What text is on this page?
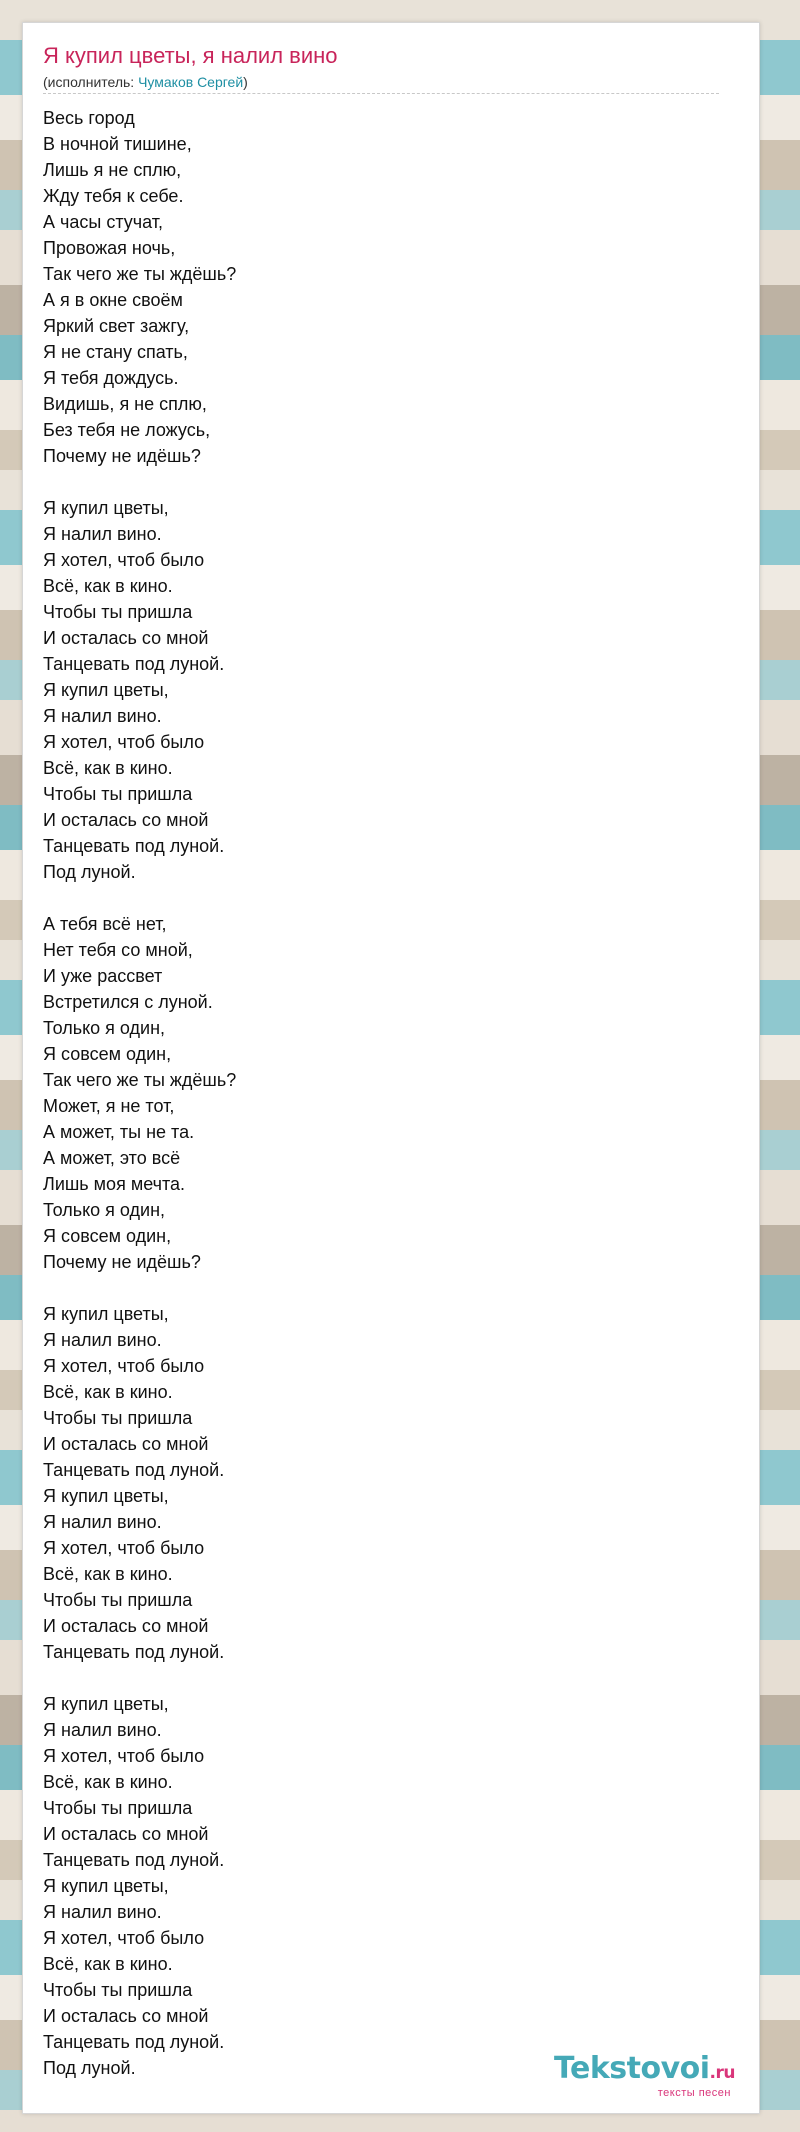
Я купил цветы, я налил вино
(исполнитель: Чумаков Сергей)
Весь город
В ночной тишине,
Лишь я не сплю,
Жду тебя к себе.
А часы стучат,
Провожая ночь,
Так чего же ты ждёшь?
А я в окне своём
Яркий свет зажгу,
Я не стану спать,
Я тебя дождусь.
Видишь, я не сплю,
Без тебя не ложусь,
Почему не идёшь?

Я купил цветы,
Я налил вино.
Я хотел, чтоб было
Всё, как в кино.
Чтобы ты пришла
И осталась со мной
Танцевать под луной.
Я купил цветы,
Я налил вино.
Я хотел, чтоб было
Всё, как в кино.
Чтобы ты пришла
И осталась со мной
Танцевать под луной.
Под луной.

А тебя всё нет,
Нет тебя со мной,
И уже рассвет
Встретился с луной.
Только я один,
Я совсем один,
Так чего же ты ждёшь?
Может, я не тот,
А может, ты не та.
А может, это всё
Лишь моя мечта.
Только я один,
Я совсем один,
Почему не идёшь?

Я купил цветы,
Я налил вино.
Я хотел, чтоб было
Всё, как в кино.
Чтобы ты пришла
И осталась со мной
Танцевать под луной.
Я купил цветы,
Я налил вино.
Я хотел, чтоб было
Всё, как в кино.
Чтобы ты пришла
И осталась со мной
Танцевать под луной.

Я купил цветы,
Я налил вино.
Я хотел, чтоб было
Всё, как в кино.
Чтобы ты пришла
И осталась со мной
Танцевать под луной.
Я купил цветы,
Я налил вино.
Я хотел, чтоб было
Всё, как в кино.
Чтобы ты пришла
И осталась со мной
Танцевать под луной.
Под луной.	Tekstovoi.ru
тексты песен
